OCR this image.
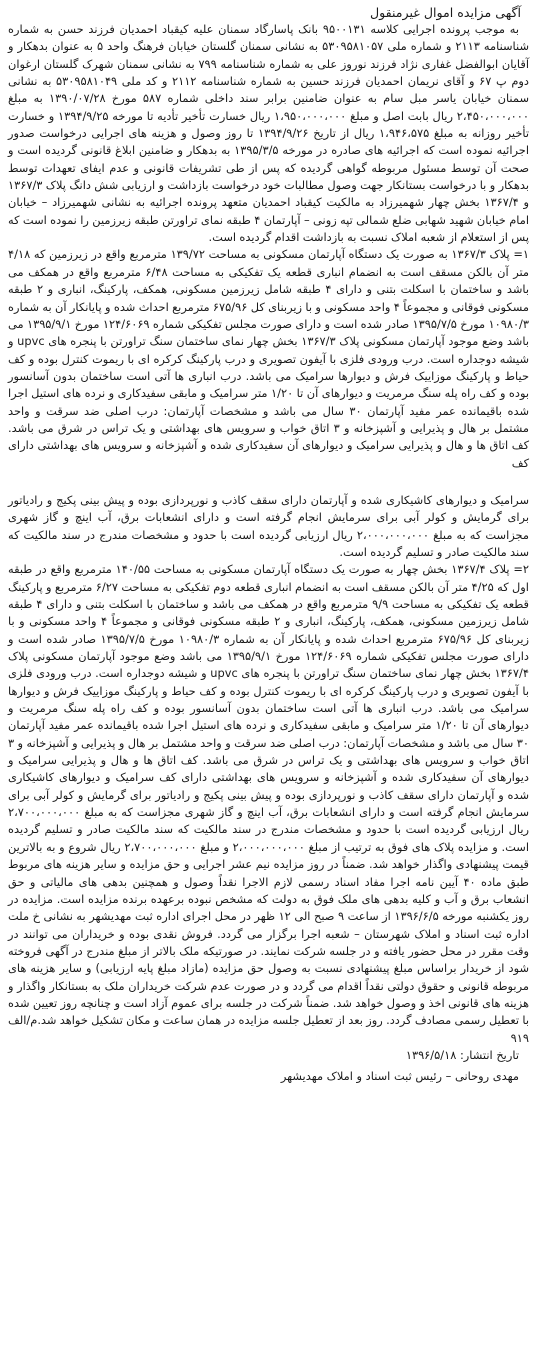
آگهی مزایده اموال غیرمنقول

به موجب پرونده اجرایی کلاسه ۹۵۰۰۱۳۱ بانک پاسارگاد سمنان علیه کیقباد احمدیان فرزند حسن به شماره شناسنامه ۲۱۱۳ و شماره ملی ۵۳۰۹۵۸۱۰۵۷ به نشانی سمنان گلستان خیابان فرهنگ واحد ۵ به عنوان بدهکار و آقایان ابوالفضل غفاری نژاد فرزند نوروز علی به شماره شناسنامه ۷۹۹ به نشانی سمنان شهرک گلستان ارغوان دوم پ ۶۷ و آقای نریمان احمدیان فرزند حسین به شماره شناسنامه ۲۱۱۲ و کد ملی ۵۳۰۹۵۸۱۰۴۹ به نشانی سمنان خیابان یاسر مبل سام به عنوان ضامنین برابر سند داخلی شماره ۵۸۷ مورخ ۱۳۹۰/۰۷/۲۸ به مبلغ ۲،۴۵۰،۰۰۰،۰۰۰ ریال بابت اصل و مبلغ ۱،۹۵۰،۰۰۰،۰۰۰ ریال خسارت تأخیر تأدیه تا مورخه ۱۳۹۴/۹/۲۵ و خسارت تأخیر روزانه به مبلغ ۱،۹۴۶،۵۷۵ ریال از تاریخ ۱۳۹۴/۹/۲۶ تا روز وصول و هزینه های اجرایی درخواست صدور اجرائیه نموده است که اجرائیه های صادره در مورخه ۱۳۹۵/۳/۵ به بدهکار و ضامنین ابلاغ قانونی گردیده است و صحت آن توسط مسئول مربوطه گواهی گردیده که پس از طی تشریفات قانونی و عدم ایفای تعهدات توسط بدهکار و با درخواست بستانکار جهت وصول مطالبات خود درخواست بازداشت و ارزیابی شش دانگ پلاک ۱۳۶۷/۳ و ۱۳۶۷/۴ بخش چهار شهمیرزاد به مالکیت کیقباد احمدیان متعهد پرونده اجرائیه به نشانی شهمیرزاد – خیابان امام خیابان شهید شهابی ضلع شمالی تپه زونی – آپارتمان ۴ طبقه نمای تراورتن طبقه زیرزمین را نموده است که پس از استعلام از شعبه املاک نسبت به بازداشت اقدام گردیده است.

۱= پلاک ۱۳۶۷/۳ به صورت یک دستگاه آپارتمان مسکونی به مساحت ۱۳۹/۷۲ مترمربع واقع در زیرزمین که ۴/۱۸ متر آن بالکن مسقف است به انضمام انباری قطعه یک تفکیکی به مساحت ۶/۴۸ مترمربع واقع در همکف می باشد و ساختمان با اسکلت بتنی و دارای ۴ طبقه شامل زیرزمین مسکونی، همکف، پارکینگ، انباری و ۲ طبقه مسکونی فوقانی و مجموعاً ۴ واحد مسکونی و با زیربنای کل ۶۷۵/۹۶ مترمربع احداث شده و پایانکار آن به شماره ۱۰۹۸۰/۳ مورخ ۱۳۹۵/۷/۵ صادر شده است و دارای صورت مجلس تفکیکی شماره ۱۲۴/۶۰۶۹ مورخ ۱۳۹۵/۹/۱ می باشد وضع موجود آپارتمان مسکونی پلاک ۱۳۶۷/۳ بخش چهار نمای ساختمان سنگ تراورتن با پنجره های upvc و شیشه دوجداره است. درب ورودی فلزی با آیفون تصویری و درب پارکینگ کرکره ای با ریموت کنترل بوده و کف حیاط و پارکینگ موزاییک فرش و دیوارها سرامیک می باشد. درب انباری ها آتی است ساختمان بدون آسانسور بوده و کف راه پله سنگ مرمریت و دیوارهای آن تا ۱/۲۰ متر سرامیک و مابقی سفیدکاری و نرده های استیل اجرا شده باقیمانده عمر مفید آپارتمان ۳۰ سال می باشد و مشخصات آپارتمان: درب اصلی ضد سرقت و واحد مشتمل بر هال و پذیرایی و آشپزخانه و ۳ اتاق خواب و سرویس های بهداشتی و یک تراس در شرق می باشد. کف اتاق ها و هال و پذیرایی سرامیک و دیوارهای آن سفیدکاری شده و آشپزخانه و سرویس های بهداشتی دارای کف

سرامیک و دیوارهای کاشیکاری شده و آپارتمان دارای سقف کاذب و نورپردازی بوده و پیش بینی پکیج و رادیاتور برای گرمایش و کولر آبی برای سرمایش انجام گرفته است و دارای انشعابات برق، آب اینچ و گاز شهری مجزاست که به مبلغ ۲،۰۰۰،۰۰۰،۰۰۰ ریال ارزیابی گردیده است با حدود و مشخصات مندرج در سند مالکیت که سند مالکیت صادر و تسلیم گردیده است.

۲= پلاک ۱۳۶۷/۴ بخش چهار به صورت یک دستگاه آپارتمان مسکونی به مساحت ۱۴۰/۵۵ مترمربع واقع در طبقه اول که ۴/۲۵ متر آن بالکن مسقف است به انضمام انباری قطعه دوم تفکیکی به مساحت ۶/۲۷ مترمربع و پارکینگ قطعه یک تفکیکی به مساحت ۹/۹ مترمربع واقع در همکف می باشد و ساختمان با اسکلت بتنی و دارای ۴ طبقه شامل زیرزمین مسکونی، همکف، پارکینگ، انباری و ۲ طبقه مسکونی فوقانی و مجموعاً ۴ واحد مسکونی و با زیربنای کل ۶۷۵/۹۶ مترمربع احداث شده و پایانکار آن به شماره ۱۰۹۸۰/۳ مورخ ۱۳۹۵/۷/۵ صادر شده است و دارای صورت مجلس تفکیکی شماره ۱۲۴/۶۰۶۹ مورخ ۱۳۹۵/۹/۱ می باشد وضع موجود آپارتمان مسکونی پلاک ۱۳۶۷/۴ بخش چهار نمای ساختمان سنگ تراورتن با پنجره های upvc و شیشه دوجداره است. درب ورودی فلزی با آیفون تصویری و درب پارکینگ کرکره ای با ریموت کنترل بوده و کف حیاط و پارکینگ موزاییک فرش و دیوارها سرامیک می باشد. درب انباری ها آتی است ساختمان بدون آسانسور بوده و کف راه پله سنگ مرمریت و دیوارهای آن تا ۱/۲۰ متر سرامیک و مابقی سفیدکاری و نرده های استیل اجرا شده باقیمانده عمر مفید آپارتمان ۳۰ سال می باشد و مشخصات آپارتمان: درب اصلی ضد سرقت و واحد مشتمل بر هال و پذیرایی و آشپزخانه و ۳ اتاق خواب و سرویس های بهداشتی و یک تراس در شرق می باشد. کف اتاق ها و هال و پذیرایی سرامیک و دیوارهای آن سفیدکاری شده و آشپزخانه و سرویس های بهداشتی دارای کف سرامیک و دیوارهای کاشیکاری شده و آپارتمان دارای سقف کاذب و نورپردازی بوده و پیش بینی پکیج و رادیاتور برای گرمایش و کولر آبی برای سرمایش انجام گرفته است و دارای انشعابات برق، آب اینچ و گاز شهری مجزاست که به مبلغ ۲،۷۰۰،۰۰۰،۰۰۰ ریال ارزیابی گردیده است با حدود و مشخصات مندرج در سند مالکیت که سند مالکیت صادر و تسلیم گردیده است. و مزایده پلاک های فوق به ترتیب از مبلغ ۲،۰۰۰،۰۰۰،۰۰۰ و مبلغ ۲،۷۰۰،۰۰۰،۰۰۰ ریال شروع و به بالاترین قیمت پیشنهادی واگذار خواهد شد. ضمناً در روز مزایده نیم عشر اجرایی و حق مزایده و سایر هزینه های مربوط طبق ماده ۴۰ آیین نامه اجرا مفاد اسناد رسمی لازم الاجرا نقداً وصول و همچنین بدهی های مالیاتی و حق انشعاب برق و آب و کلیه بدهی های ملک فوق به دولت که مشخص نبوده برعهده برنده مزایده است. مزایده در روز یکشنبه مورخه ۱۳۹۶/۶/۵ از ساعت ۹ صبح الی ۱۲ ظهر در محل اجرای اداره ثبت مهدیشهر به نشانی خ ملت اداره ثبت اسناد و املاک شهرستان – شعبه اجرا برگزار می گردد. فروش نقدی بوده و خریداران می توانند در وقت مقرر در محل حضور یافته و در جلسه شرکت نمایند. در صورتیکه ملک بالاتر از مبلغ مندرج در آگهی فروخته شود از خریدار براساس مبلغ پیشنهادی نسبت به وصول حق مزایده (مازاد مبلغ پایه ارزیابی) و سایر هزینه های مربوطه قانونی و حقوق دولتی نقداً اقدام می گردد و در صورت عدم شرکت خریداران ملک به بستانکار واگذار و هزینه های قانونی اخذ و وصول خواهد شد. ضمناً شرکت در جلسه برای عموم آزاد است و چنانچه روز تعیین شده با تعطیل رسمی مصادف گردد. روز بعد از تعطیل جلسه مزایده در همان ساعت و مکان تشکیل خواهد شد.م/الف ۹۱۹

تاریخ انتشار: ۱۳۹۶/۵/۱۸

مهدی روحانی – رئیس ثبت اسناد و املاک مهدیشهر
